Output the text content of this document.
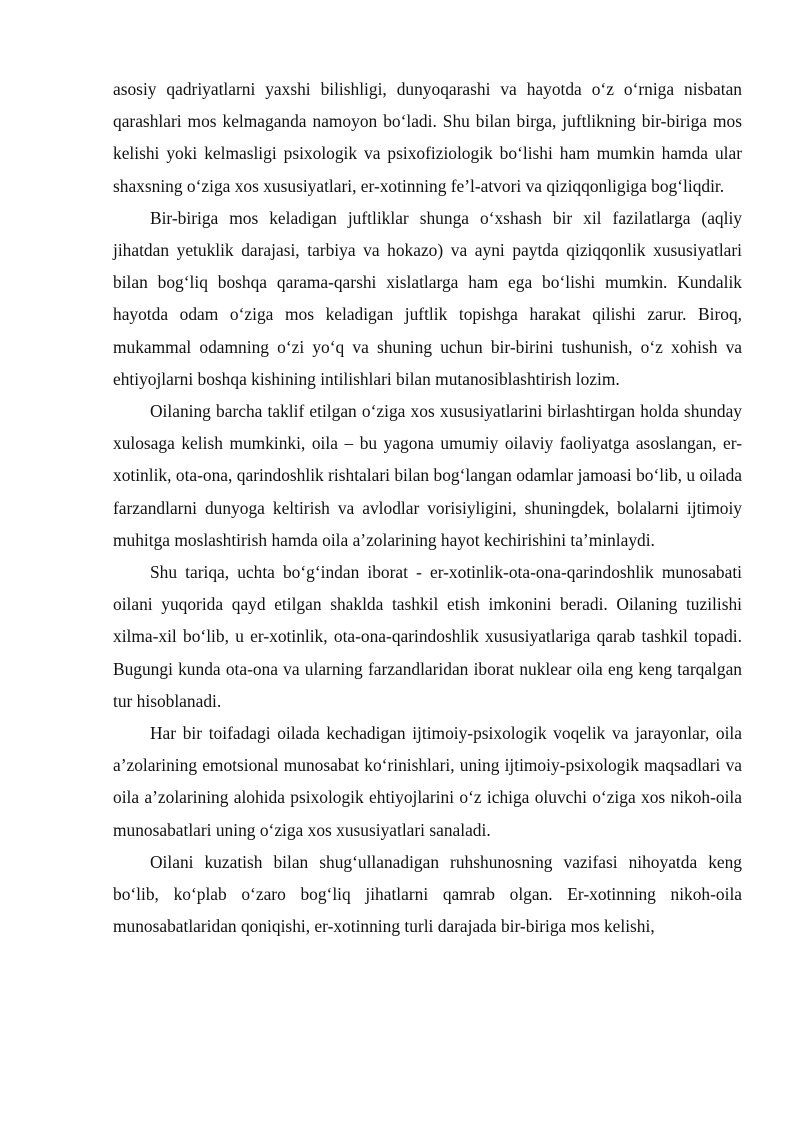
asosiy qadriyatlarni yaxshi bilishligi, dunyoqarashi va hayotda o‘z o‘rniga nisbatan qarashlari mos kelmaganda namoyon bo‘ladi. Shu bilan birga, juftlikning bir-biriga mos kelishi yoki kelmasligi psixologik va psixofiziologik bo‘lishi ham mumkin hamda ular shaxsning o‘ziga xos xususiyatlari, er-xotinning fe’l-atvori va qiziqqonligiga bog‘liqdir.

Bir-biriga mos keladigan juftliklar shunga o‘xshash bir xil fazilatlarga (aqliy jihatdan yetuklik darajasi, tarbiya va hokazo) va ayni paytda qiziqqonlik xususiyatlari bilan bog‘liq boshqa qarama-qarshi xislatlarga ham ega bo‘lishi mumkin. Kundalik hayotda odam o‘ziga mos keladigan juftlik topishga harakat qilishi zarur. Biroq, mukammal odamning o‘zi yo‘q va shuning uchun bir-birini tushunish, o‘z xohish va ehtiyojlarni boshqa kishining intilishlari bilan mutanosiblashtirish lozim.

Oilaning barcha taklif etilgan o‘ziga xos xususiyatlarini birlashtirgan holda shunday xulosaga kelish mumkinki, oila – bu yagona umumiy oilaviy faoliyatga asoslangan, er-xotinlik, ota-ona, qarindoshlik rishtalari bilan bog‘langan odamlar jamoasi bo‘lib, u oilada farzandlarni dunyoga keltirish va avlodlar vorisiyligini, shuningdek, bolalarni ijtimoiy muhitga moslashtirish hamda oila a’zolarining hayot kechirishini ta’minlaydi.

Shu tariqa, uchta bo‘g‘indan iborat - er-xotinlik-ota-ona-qarindoshlik munosabati oilani yuqorida qayd etilgan shaklda tashkil etish imkonini beradi. Oilaning tuzilishi xilma-xil bo‘lib, u er-xotinlik, ota-ona-qarindoshlik xususiyatlariga qarab tashkil topadi. Bugungi kunda ota-ona va ularning farzandlaridan iborat nuklear oila eng keng tarqalgan tur hisoblanadi.

Har bir toifadagi oilada kechadigan ijtimoiy-psixologik voqelik va jarayonlar, oila a’zolarining emotsional munosabat ko‘rinishlari, uning ijtimoiy-psixologik maqsadlari va oila a’zolarining alohida psixologik ehtiyojlarini o‘z ichiga oluvchi o‘ziga xos nikoh-oila munosabatlari uning o‘ziga xos xususiyatlari sanaladi.

Oilani kuzatish bilan shug‘ullanadigan ruhshunosning vazifasi nihoyatda keng bo‘lib, ko‘plab o‘zaro bog‘liq jihatlarni qamrab olgan. Er-xotinning nikoh-oila munosabatlaridan qoniqishi, er-xotinning turli darajada bir-biriga mos kelishi,
